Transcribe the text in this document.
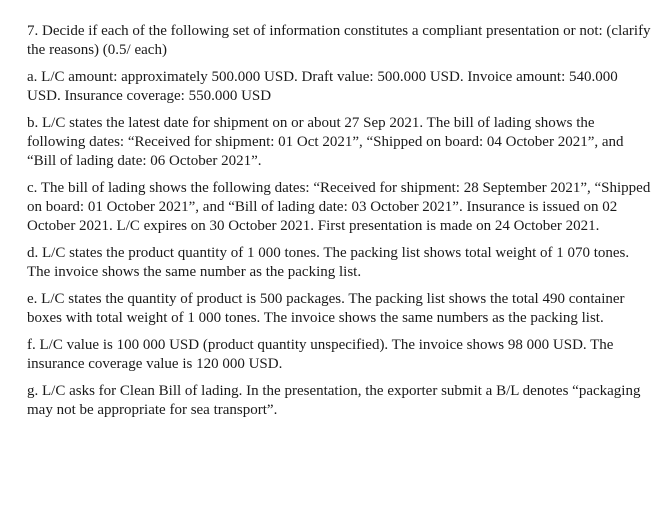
7. Decide if each of the following set of information constitutes a compliant presentation or not: (clarify the reasons) (0.5/ each)

a. L/C amount: approximately 500.000 USD. Draft value: 500.000 USD. Invoice amount: 540.000 USD. Insurance coverage: 550.000 USD

b. L/C states the latest date for shipment on or about 27 Sep 2021. The bill of lading shows the following dates: “Received for shipment: 01 Oct 2021”, “Shipped on board: 04 October 2021”, and “Bill of lading date: 06 October 2021”.

c. The bill of lading shows the following dates: “Received for shipment: 28 September 2021”, “Shipped on board: 01 October 2021”, and “Bill of lading date: 03 October 2021”. Insurance is issued on 02 October 2021. L/C expires on 30 October 2021. First presentation is made on 24 October 2021.

d. L/C states the product quantity of 1 000 tones. The packing list shows total weight of 1 070 tones. The invoice shows the same number as the packing list.

e. L/C states the quantity of product is 500 packages. The packing list shows the total 490 container boxes with total weight of 1 000 tones. The invoice shows the same numbers as the packing list.

f. L/C value is 100 000 USD (product quantity unspecified). The invoice shows 98 000 USD. The insurance coverage value is 120 000 USD.

g. L/C asks for Clean Bill of lading. In the presentation, the exporter submit a B/L denotes “packaging may not be appropriate for sea transport”.
